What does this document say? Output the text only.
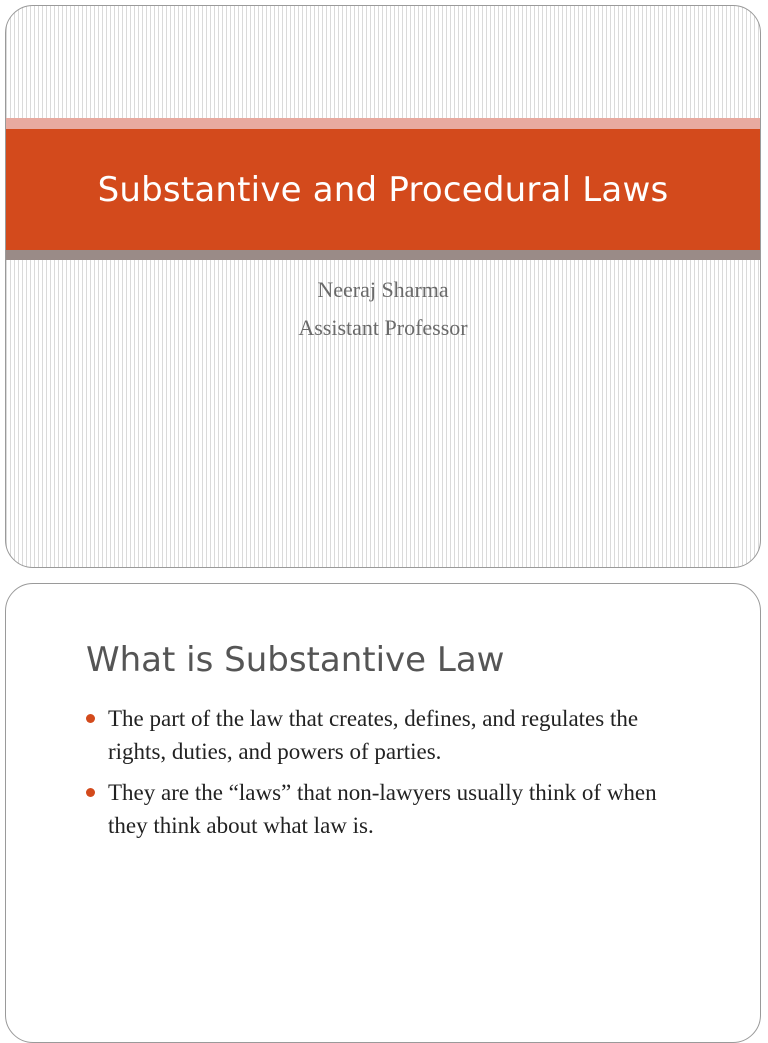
Substantive and Procedural Laws
Neeraj Sharma
Assistant Professor
What is Substantive Law
The part of the law that creates, defines, and regulates the rights, duties, and powers of parties.
They are the “laws” that non-lawyers usually think of when they think about what law is.
